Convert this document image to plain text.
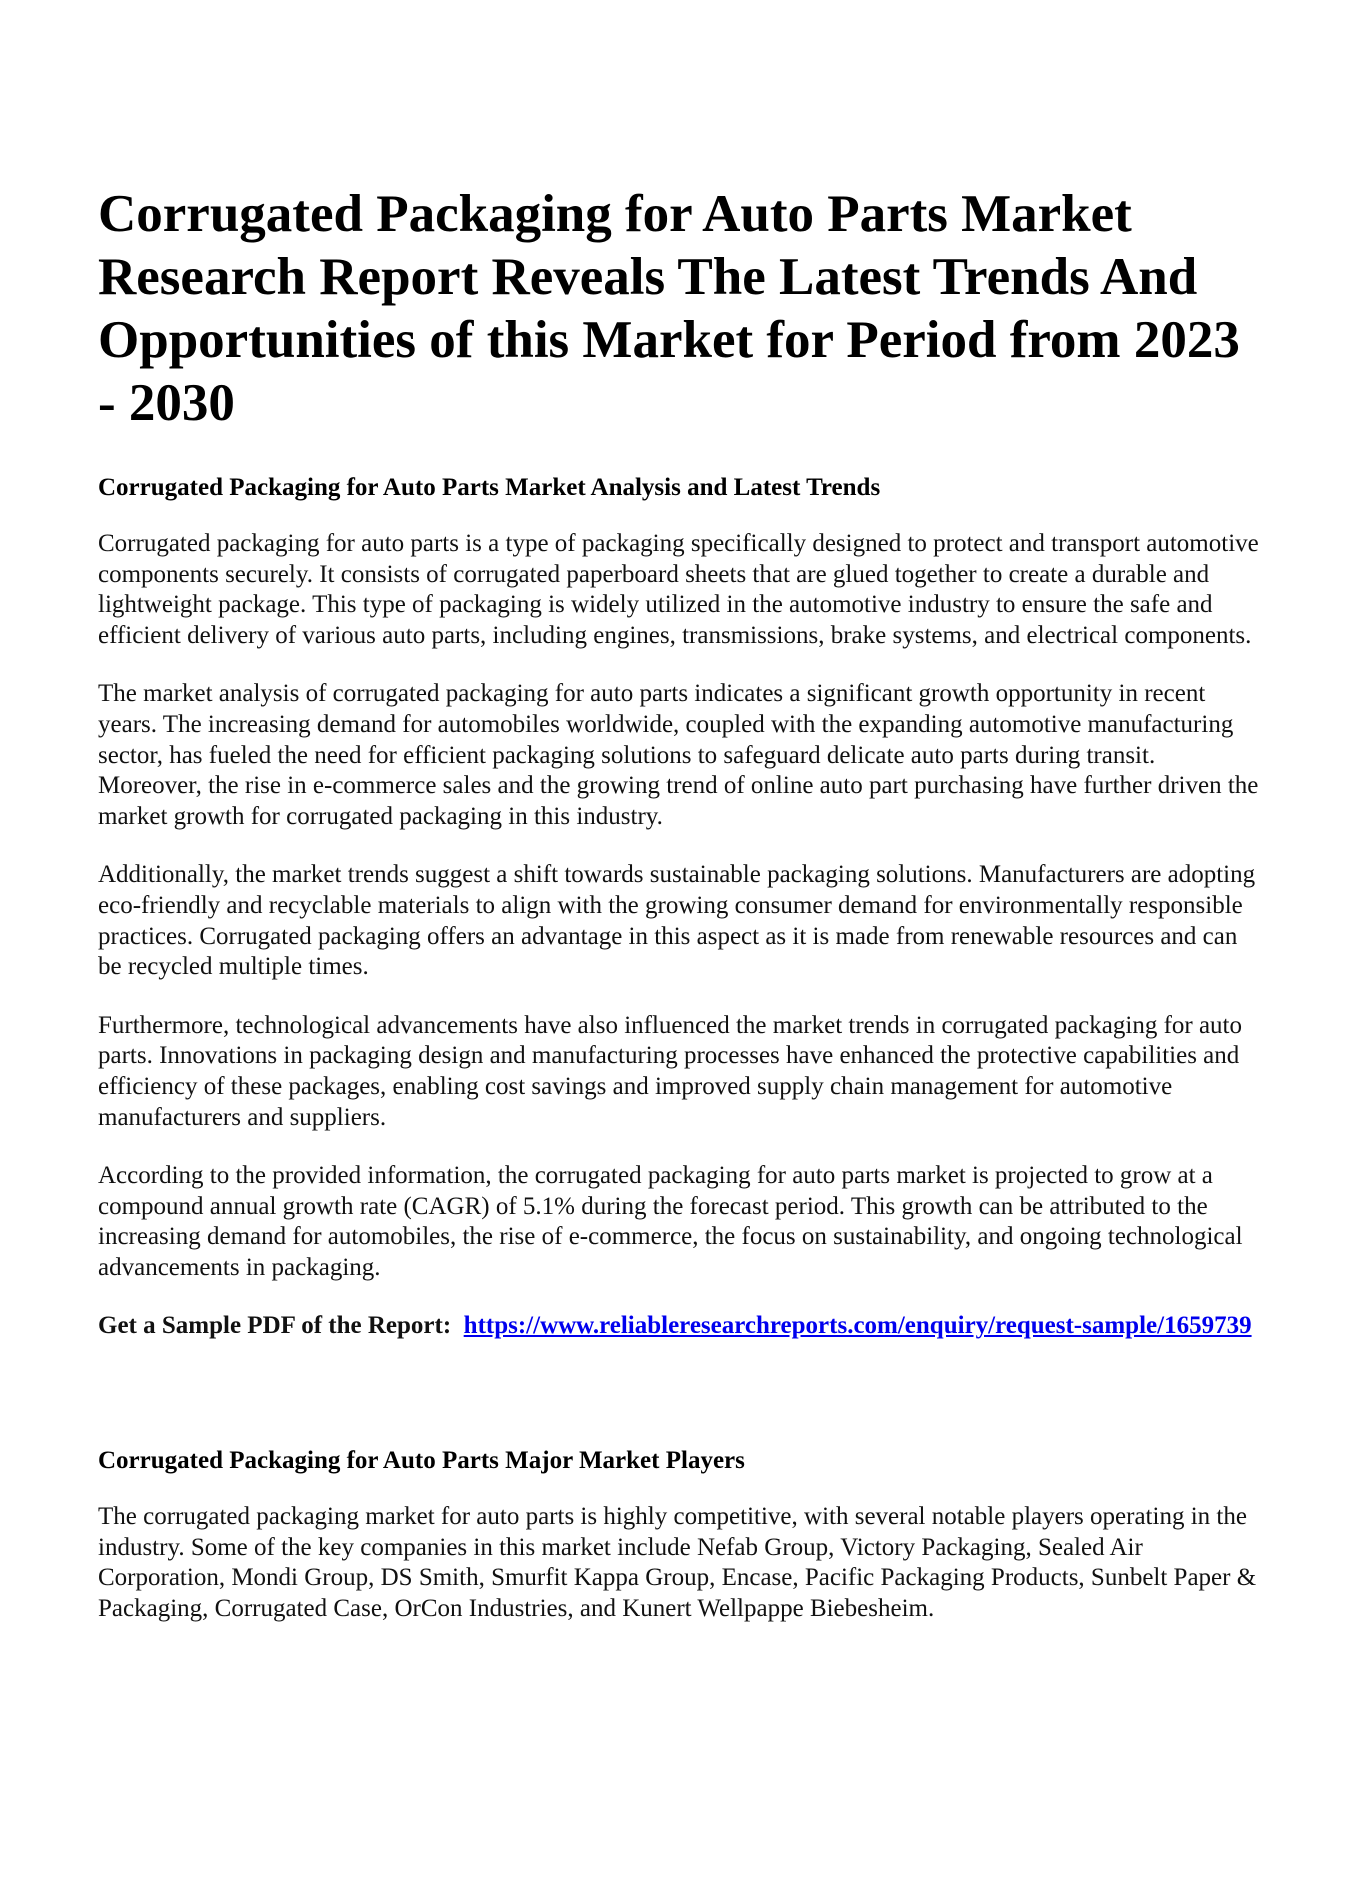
Corrugated Packaging for Auto Parts Market Research Report Reveals The Latest Trends And Opportunities of this Market for Period from 2023 - 2030
Corrugated Packaging for Auto Parts Market Analysis and Latest Trends

Corrugated packaging for auto parts is a type of packaging specifically designed to protect and transport automotive components securely. It consists of corrugated paperboard sheets that are glued together to create a durable and lightweight package. This type of packaging is widely utilized in the automotive industry to ensure the safe and efficient delivery of various auto parts, including engines, transmissions, brake systems, and electrical components.

The market analysis of corrugated packaging for auto parts indicates a significant growth opportunity in recent years. The increasing demand for automobiles worldwide, coupled with the expanding automotive manufacturing sector, has fueled the need for efficient packaging solutions to safeguard delicate auto parts during transit. Moreover, the rise in e-commerce sales and the growing trend of online auto part purchasing have further driven the market growth for corrugated packaging in this industry.

Additionally, the market trends suggest a shift towards sustainable packaging solutions. Manufacturers are adopting eco-friendly and recyclable materials to align with the growing consumer demand for environmentally responsible practices. Corrugated packaging offers an advantage in this aspect as it is made from renewable resources and can be recycled multiple times.

Furthermore, technological advancements have also influenced the market trends in corrugated packaging for auto parts. Innovations in packaging design and manufacturing processes have enhanced the protective capabilities and efficiency of these packages, enabling cost savings and improved supply chain management for automotive manufacturers and suppliers.

According to the provided information, the corrugated packaging for auto parts market is projected to grow at a compound annual growth rate (CAGR) of 5.1% during the forecast period. This growth can be attributed to the increasing demand for automobiles, the rise of e-commerce, the focus on sustainability, and ongoing technological advancements in packaging.

Get a Sample PDF of the Report: https://www.reliableresearchreports.com/enquiry/request-sample/1659739

Corrugated Packaging for Auto Parts Major Market Players

The corrugated packaging market for auto parts is highly competitive, with several notable players operating in the industry. Some of the key companies in this market include Nefab Group, Victory Packaging, Sealed Air Corporation, Mondi Group, DS Smith, Smurfit Kappa Group, Encase, Pacific Packaging Products, Sunbelt Paper & Packaging, Corrugated Case, OrCon Industries, and Kunert Wellpappe Biebesheim.
